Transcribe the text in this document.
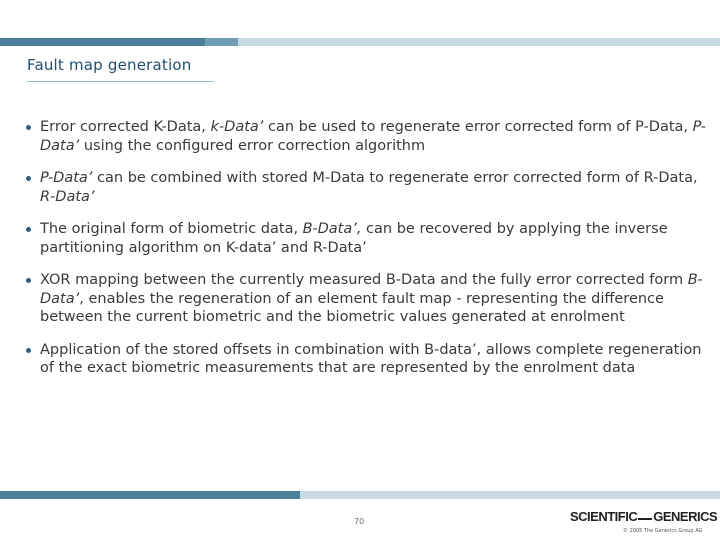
Fault map generation
Error corrected K-Data, k-Data’ can be used to regenerate error corrected form of P-Data, P-Data’ using the configured error correction algorithm
P-Data’ can be combined with stored M-Data to regenerate error corrected form of R-Data, R-Data’
The original form of biometric data, B-Data’, can be recovered by applying the inverse partitioning algorithm on K-data’ and R-Data’
XOR mapping between the currently measured B-Data and the fully error corrected form B-Data’, enables the regeneration of an element fault map - representing the difference between the current biometric and the biometric values generated at enrolment
Application of the stored offsets in combination with B-data’, allows complete regeneration of the exact biometric measurements that are represented by the enrolment data
70	SCIENTIFIC GENERICS
© 2005 The Generics Group AG
